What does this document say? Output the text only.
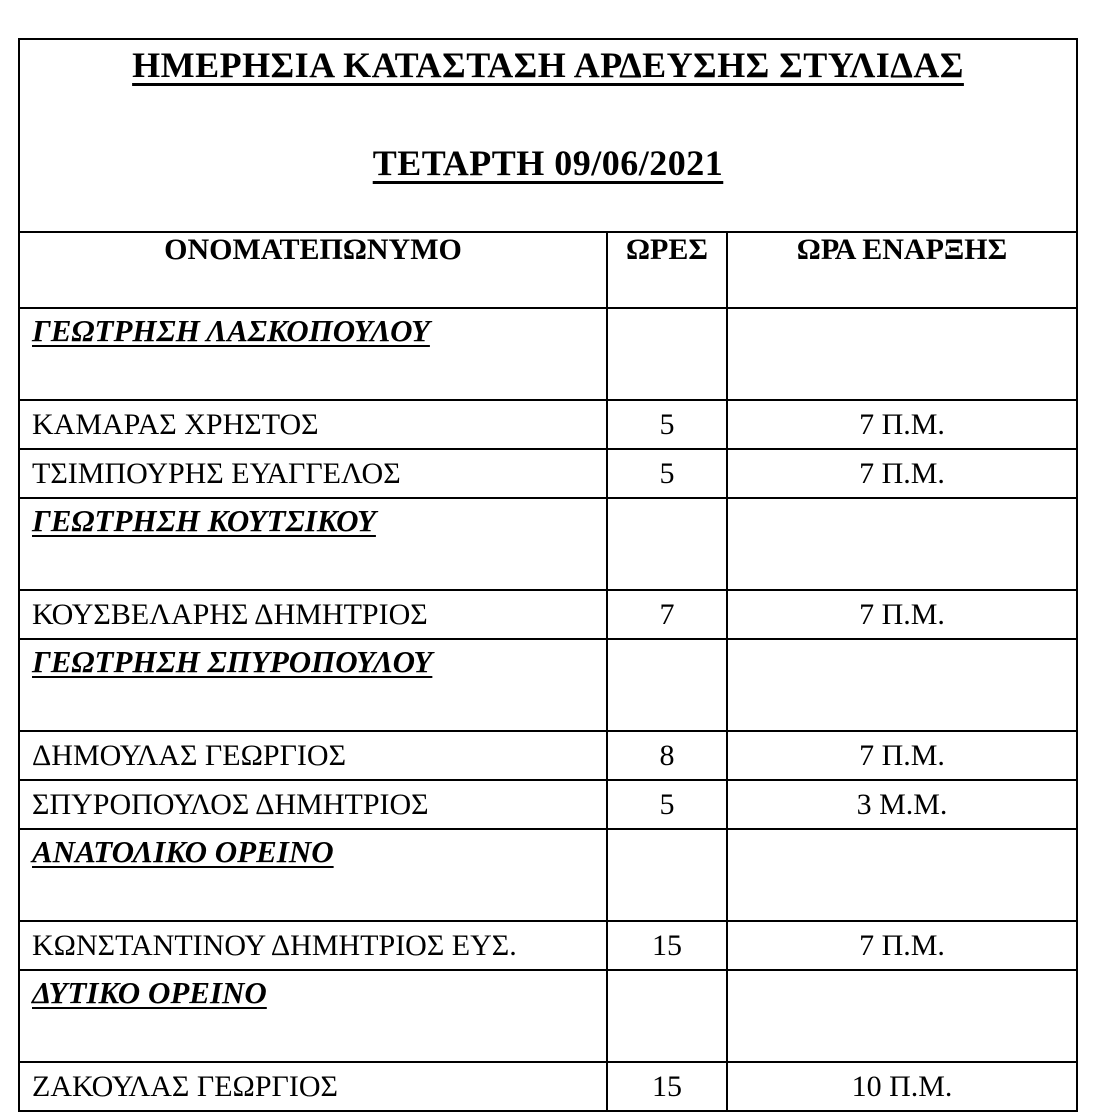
ΗΜΕΡΗΣΙΑ ΚΑΤΑΣΤΑΣΗ ΑΡΔΕΥΣΗΣ ΣΤΥΛΙΔΑΣ
ΤΕΤΑΡΤΗ 09/06/2021
ΟΝΟΜΑΤΕΠΩΝΥΜΟ	ΩΡΕΣ	ΩΡΑ ΕΝΑΡΞΗΣ
ΓΕΩΤΡΗΣΗ ΛΑΣΚΟΠΟΥΛΟΥ		
ΚΑΜΑΡΑΣ ΧΡΗΣΤΟΣ	5	7 Π.Μ.
ΤΣΙΜΠΟΥΡΗΣ ΕΥΑΓΓΕΛΟΣ	5	7 Π.Μ.
ΓΕΩΤΡΗΣΗ ΚΟΥΤΣΙΚΟΥ		
ΚΟΥΣΒΕΛΑΡΗΣ ΔΗΜΗΤΡΙΟΣ	7	7 Π.Μ.
ΓΕΩΤΡΗΣΗ ΣΠΥΡΟΠΟΥΛΟΥ		
ΔΗΜΟΥΛΑΣ ΓΕΩΡΓΙΟΣ	8	7 Π.Μ.
ΣΠΥΡΟΠΟΥΛΟΣ ΔΗΜΗΤΡΙΟΣ	5	3 Μ.Μ.
ΑΝΑΤΟΛΙΚΟ ΟΡΕΙΝΟ		
ΚΩΝΣΤΑΝΤΙΝΟΥ ΔΗΜΗΤΡΙΟΣ ΕΥΣ.	15	7 Π.Μ.
ΔΥΤΙΚΟ ΟΡΕΙΝΟ		
ΖΑΚΟΥΛΑΣ ΓΕΩΡΓΙΟΣ	15	10 Π.Μ.
